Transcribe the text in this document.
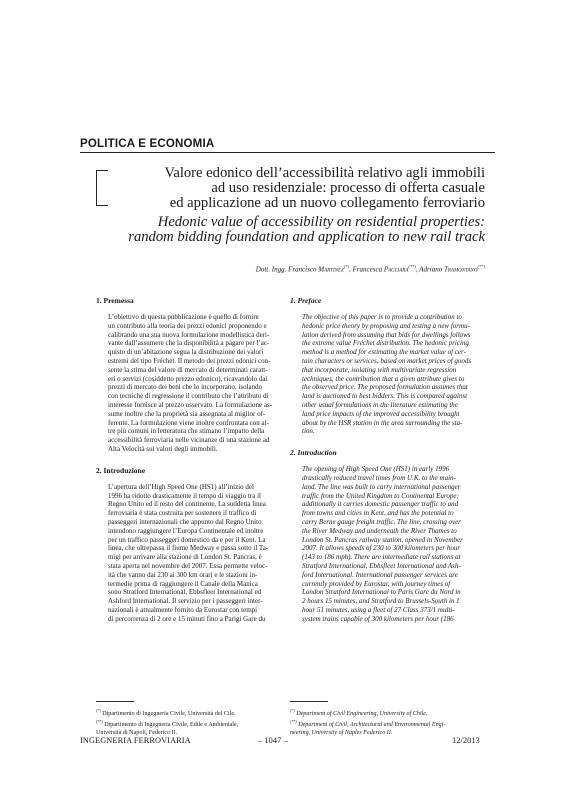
POLITICA E ECONOMIA
Valore edonico dell’accessibilità relativo agli immobili
ad uso residenziale: processo di offerta casuale
ed applicazione ad un nuovo collegamento ferroviario
Hedonic value of accessibility on residential properties:
random bidding foundation and application to new rail track
Dott. Ingg. Francisco Martinez(*), Francesca Pagliara(**), Adriano Tramontano(**)
1. Premessa

L’obiettivo di questa pubblicazione è quello di fornire
un contributo alla teoria dei prezzi edonici proponendo e
calibrando una sua nuova formulazione modellistica deri-
vante dall’assumere che la disponibilità a pagare per l’ac-
quisto di un’abitazione segua la distribuzione dei valori
estremi del tipo Fréchet. Il metodo dei prezzi edonici con-
sente la stima del valore di mercato di determinati caratt-
eri o servizi (cosiddetto prezzo edonico), ricavandolo dai
prezzi di mercato dei beni che lo incorporano, isolando
con tecniche di regressione il contributo che l’attributo di
interesse fornisce al prezzo osservato. La formulazione as-
sume inoltre che la proprietà sia assegnata al miglior of-
ferente. La formulazione viene inoltre confrontata con al-
tre più comuni in letteratura che stimano l’impatto della
accessibilità ferroviaria nelle vicinanze di una stazione ad
Alta Velocità sui valori degli immobili.

2. Introduzione

L’apertura dell’High Speed One (HS1) all’inizio del
1996 ha ridotto drasticamente il tempo di viaggio tra il
Regno Unito ed il resto del continente. La suddetta linea
ferroviaria è stata costruita per sostenere il traffico di
passeggeri internazionali che appunto dal Regno Unito
intendono raggiungere l’Europa Continentale ed inoltre
per un traffico passeggeri domestico da e per il Kent. La
linea, che oltrepassa il fiume Medway e passa sotto il Ta-
migi per arrivare alla stazione di London St. Pancras, è
stata aperta nel novembre del 2007. Essa permette veloc-
ità che vanno dai 230 ai 300 km orari e le stazioni in-
termedie prima di raggiungere il Canale della Manica
sono Stratford International, Ebbsfleet International ed
Ashford International. Il servizio per i passeggeri inter-
nazionali è attualmente fornito da Eurostar con tempi
di percorrenza di 2 ore e 15 minuti fino a Parigi Gare du

1. Preface

The objective of this paper is to provide a contribution to
hedonic price theory by proposing and testing a new formu-
lation derived from assuming that bids for dwellings follows
the extreme value Fréchet distribution. The hedonic pricing
method is a method for estimating the market value of cer-
tain characters or services, based on market prices of goods
that incorporate, isolating with multivariate regression
techniques, the contribution that a given attribute gives to
the observed price. The proposed formulation assumes that
land is auctioned to best bidders. This is compared against
other usual formulations in the literature estimating the
land price impacts of the improved accessibility brought
about by the HSR station in the area surrounding the sta-
tion.

2. Introduction

The opening of High Speed One (HS1) in early 1996
drastically reduced travel times from U.K. to the main-
land. The line was built to carry international passenger
traffic from the United Kingdom to Continental Europe;
additionally it carries domestic passenger traffic to and
from towns and cities in Kent, and has the potential to
carry Berne gauge freight traffic. The line, crossing over
the River Medway and underneath the River Thames to
London St. Pancras railway station, opened in November
2007. It allows speeds of 230 to 300 kilometers per hour
(143 to 186 mph). There are intermediate rail stations at
Stratford International, Ebbsfleet International and Ash-
ford International. International passenger services are
currently provided by Eurostar, with journey times of
London Stratford International to Paris Gare du Nord in
2 hours 15 minutes, and Stratford to Brussels-South in 1
hour 51 minutes, using a fleet of 27 Class 373/1 multi-
system trains capable of 300 kilometers per hour (186

(*) Dipartimento di Ingegneria Civile, Università del Cile.
(**) Dipartimento di Ingegneria Civile, Edile e Ambientale,
Università di Napoli, Federico II.
(*) Department of Civil Engineering, University of Chile.
(**) Department of Civil, Architectural and Environmental Engi-
neering, University of Naples Federico II.
INGEGNERIA FERROVIARIA	– 1047 –	12/2013
